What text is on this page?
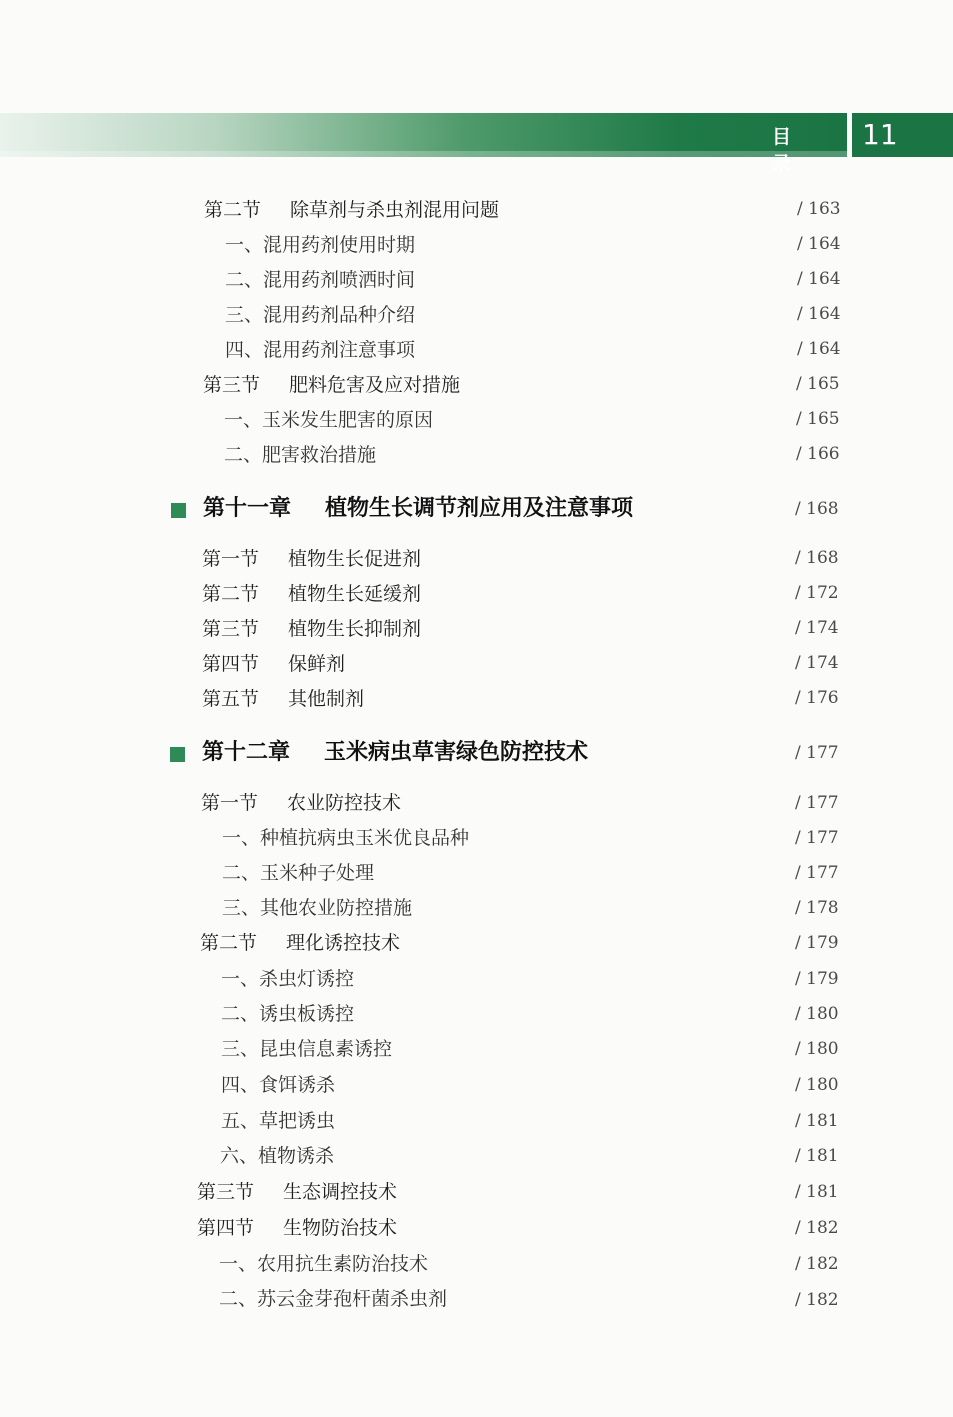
目 录
11
第二节 除草剂与杀虫剂混用问题	/ 163
一、混用药剂使用时期	/ 164
二、混用药剂喷洒时间	/ 164
三、混用药剂品种介绍	/ 164
四、混用药剂注意事项	/ 164
第三节 肥料危害及应对措施	/ 165
一、玉米发生肥害的原因	/ 165
二、肥害救治措施	/ 166
第十一章 植物生长调节剂应用及注意事项	/ 168
第一节 植物生长促进剂	/ 168
第二节 植物生长延缓剂	/ 172
第三节 植物生长抑制剂	/ 174
第四节 保鲜剂	/ 174
第五节 其他制剂	/ 176
第十二章 玉米病虫草害绿色防控技术	/ 177
第一节 农业防控技术	/ 177
一、种植抗病虫玉米优良品种	/ 177
二、玉米种子处理	/ 177
三、其他农业防控措施	/ 178
第二节 理化诱控技术	/ 179
一、杀虫灯诱控	/ 179
二、诱虫板诱控	/ 180
三、昆虫信息素诱控	/ 180
四、食饵诱杀	/ 180
五、草把诱虫	/ 181
六、植物诱杀	/ 181
第三节 生态调控技术	/ 181
第四节 生物防治技术	/ 182
一、农用抗生素防治技术	/ 182
二、苏云金芽孢杆菌杀虫剂	/ 182
